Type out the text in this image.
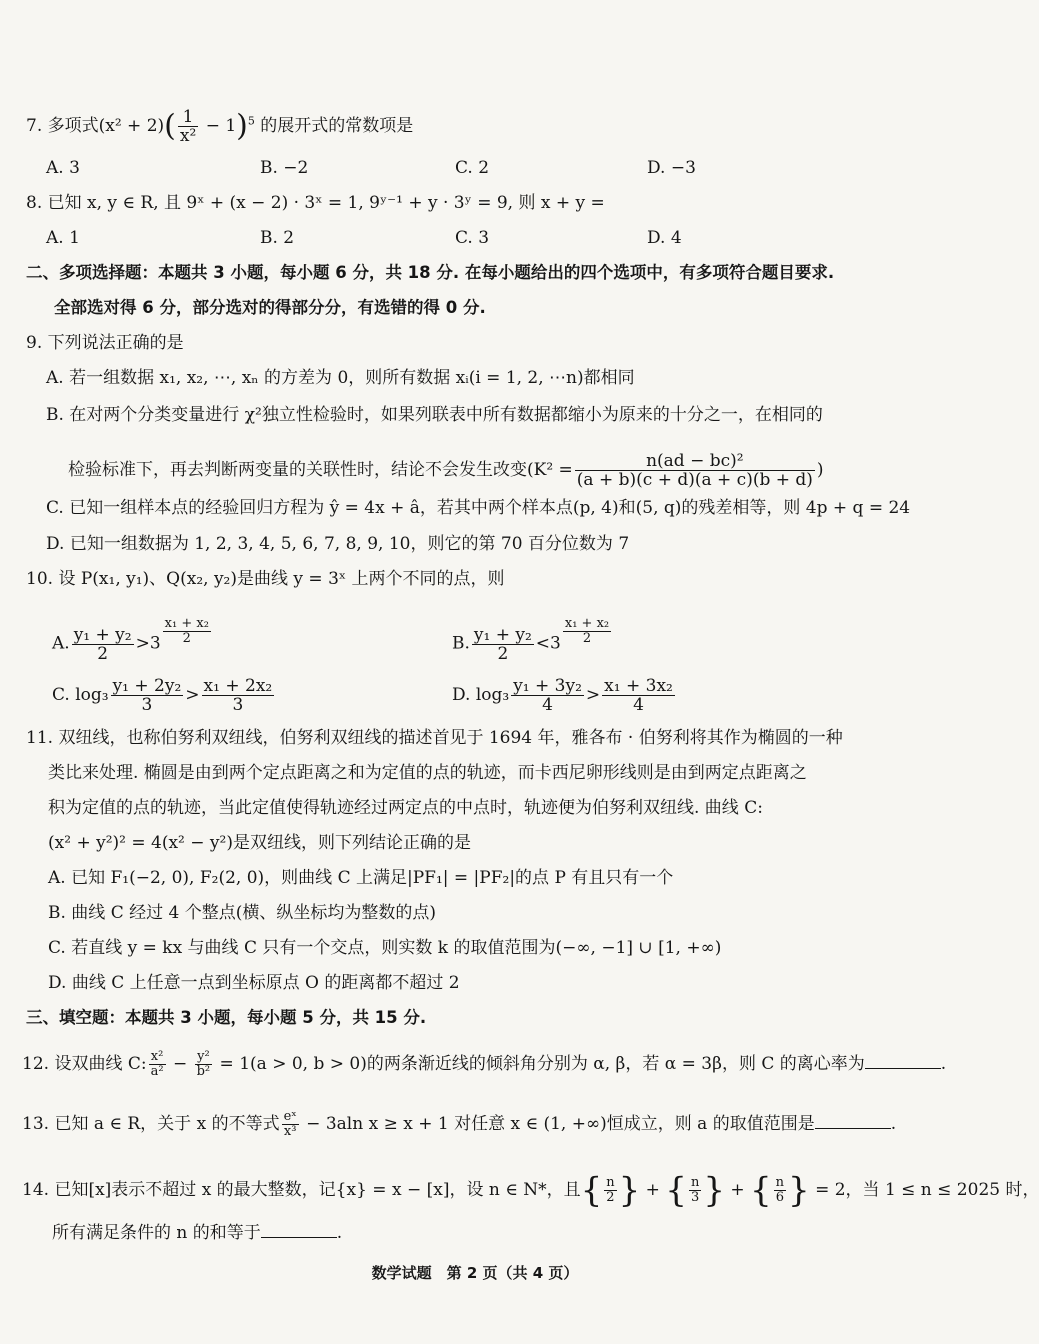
7. 多项式$(x^2 + 2)( \frac{1}{\text{x²}} - 1)^5$ 的展开式的常数项是
A. 3	B. −2	C. 2	D. −3
8. 已知 x, y ∈ R, 且 9ˣ + (x − 2) · 3ˣ = 1, 9ʸ⁻¹ + y · 3ʸ = 9, 则 x + y =
A. 1	B. 2	C. 3	D. 4
二、多项选择题：本题共 3 小题，每小题 6 分，共 18 分. 在每小题给出的四个选项中，有多项符合题目要求.
全部选对得 6 分，部分选对的得部分分，有选错的得 0 分.
9. 下列说法正确的是
A. 若一组数据 x₁, x₂, ⋯, xₙ 的方差为 0，则所有数据 xᵢ(i = 1, 2, ⋯n)都相同
B. 在对两个分类变量进行 χ²独立性检验时，如果列联表中所有数据都缩小为原来的十分之一，在相同的
检验标准下，再去判断两变量的关联性时，结论不会发生改变($K^2 = \frac{\text{n(ad − bc)²}}{(a + b)(c + d)(a + c)(b + d)}$ )
C. 已知一组样本点的经验回归方程为 ŷ = 4x + â，若其中两个样本点(p, 4)和(5, q)的残差相等，则 4p + q = 24
D. 已知一组数据为 1, 2, 3, 4, 5, 6, 7, 8, 9, 10，则它的第 70 百分位数为 7
10. 设 P(x₁, y₁)、Q(x₂, y₂)是曲线 y = 3ˣ 上两个不同的点，则
A. $\frac{\text{y₁ + y₂}}{2} >3 \frac{\text{x₁ + x₂}}{2}$	B. $\frac{\text{y₁ + y₂}}{2} <3 \frac{\text{x₁ + x₂}}{2}$
C. $\log_3 \frac{\text{y₁ + 2y₂}}{3} > \frac{\text{x₁ + 2x₂}}{3}$	D. $\log_3 \frac{\text{y₁ + 3y₂}}{4} > \frac{\text{x₁ + 3x₂}}{4}$
11. 双纽线，也称伯努利双纽线，伯努利双纽线的描述首见于 1694 年，雅各布 · 伯努利将其作为椭圆的一种
类比来处理. 椭圆是由到两个定点距离之和为定值的点的轨迹，而卡西尼卵形线则是由到两定点距离之
积为定值的点的轨迹，当此定值使得轨迹经过两定点的中点时，轨迹便为伯努利双纽线. 曲线 C:
(x² + y²)² = 4(x² − y²)是双纽线，则下列结论正确的是
A. 已知 F₁(−2, 0), F₂(2, 0)，则曲线 C 上满足|PF₁| = |PF₂|的点 P 有且只有一个
B. 曲线 C 经过 4 个整点(横、纵坐标均为整数的点)
C. 若直线 y = kx 与曲线 C 只有一个交点，则实数 k 的取值范围为(−∞, −1] ∪ [1, +∞)
D. 曲线 C 上任意一点到坐标原点 O 的距离都不超过 2
三、填空题：本题共 3 小题，每小题 5 分，共 15 分.
12. 设双曲线 C: $\frac{\text{x²}}{\text{a²}} - \frac{\text{y²}}{\text{b²}} = 1(a > 0$, b > 0)的两条渐近线的倾斜角分别为 α, β，若 α = 3β，则 C 的离心率为	.
13. 已知 a ∈ R，关于 x 的不等式 $\frac{\text{eˣ}}{\text{x³}} - 3aln$ x ≥ x + 1 对任意 x ∈ (1, +∞)恒成立，则 a 的取值范围是	.
14. 已知[x]表示不超过 x 的最大整数，记{x} = x − [x]，设 n ∈ N*，且{ $\frac{n}{2}$ } + { $\frac{n}{3}$ } + { $\frac{n}{6}$ } = 2，当 1 ≤ n ≤ 2025 时，
所有满足条件的 n 的和等于	.
数学试题　第 2 页（共 4 页）
